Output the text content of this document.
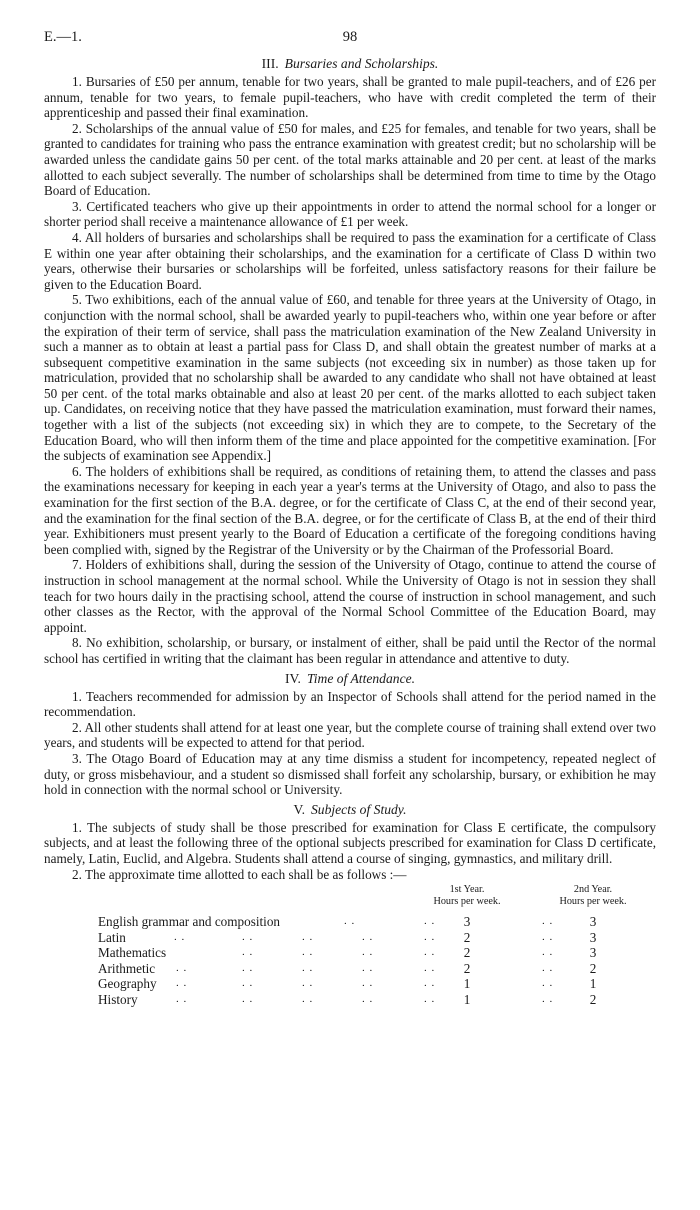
E.—1.	98
III. Bursaries and Scholarships.

1. Bursaries of £50 per annum, tenable for two years, shall be granted to male pupil-teachers, and of £26 per annum, tenable for two years, to female pupil-teachers, who have with credit completed the term of their apprenticeship and passed their final examination.

2. Scholarships of the annual value of £50 for males, and £25 for females, and tenable for two years, shall be granted to candidates for training who pass the entrance examination with greatest credit; but no scholarship will be awarded unless the candidate gains 50 per cent. of the total marks attainable and 20 per cent. at least of the marks allotted to each subject severally. The number of scholarships shall be determined from time to time by the Otago Board of Education.

3. Certificated teachers who give up their appointments in order to attend the normal school for a longer or shorter period shall receive a maintenance allowance of £1 per week.

4. All holders of bursaries and scholarships shall be required to pass the examination for a certificate of Class E within one year after obtaining their scholarships, and the examination for a certificate of Class D within two years, otherwise their bursaries or scholarships will be forfeited, unless satisfactory reasons for their failure be given to the Education Board.

5. Two exhibitions, each of the annual value of £60, and tenable for three years at the University of Otago, in conjunction with the normal school, shall be awarded yearly to pupil-teachers who, within one year before or after the expiration of their term of service, shall pass the matriculation examination of the New Zealand University in such a manner as to obtain at least a partial pass for Class D, and shall obtain the greatest number of marks at a subsequent competitive examination in the same subjects (not exceeding six in number) as those taken up for matriculation, provided that no scholarship shall be awarded to any candidate who shall not have obtained at least 50 per cent. of the total marks obtainable and also at least 20 per cent. of the marks allotted to each subject taken up. Candidates, on receiving notice that they have passed the matriculation examination, must forward their names, together with a list of the subjects (not exceeding six) in which they are to compete, to the Secretary of the Education Board, who will then inform them of the time and place appointed for the competitive examination. [For the subjects of examination see Appendix.]

6. The holders of exhibitions shall be required, as conditions of retaining them, to attend the classes and pass the examinations necessary for keeping in each year a year's terms at the University of Otago, and also to pass the examination for the first section of the B.A. degree, or for the certificate of Class C, at the end of their second year, and the examination for the final section of the B.A. degree, or for the certificate of Class B, at the end of their third year. Exhibitioners must present yearly to the Board of Education a certificate of the foregoing conditions having been complied with, signed by the Registrar of the University or by the Chairman of the Professorial Board.

7. Holders of exhibitions shall, during the session of the University of Otago, continue to attend the course of instruction in school management at the normal school. While the University of Otago is not in session they shall teach for two hours daily in the practising school, attend the course of instruction in school management, and such other classes as the Rector, with the approval of the Normal School Committee of the Education Board, may appoint.

8. No exhibition, scholarship, or bursary, or instalment of either, shall be paid until the Rector of the normal school has certified in writing that the claimant has been regular in attendance and attentive to duty.

IV. Time of Attendance.

1. Teachers recommended for admission by an Inspector of Schools shall attend for the period named in the recommendation.

2. All other students shall attend for at least one year, but the complete course of training shall extend over two years, and students will be expected to attend for that period.

3. The Otago Board of Education may at any time dismiss a student for incompetency, repeated neglect of duty, or gross misbehaviour, and a student so dismissed shall forfeit any scholarship, bursary, or exhibition he may hold in connection with the normal school or University.

V. Subjects of Study.

1. The subjects of study shall be those prescribed for examination for Class E certificate, the compulsory subjects, and at least the following three of the optional subjects prescribed for examination for Class D certificate, namely, Latin, Euclid, and Algebra. Students shall attend a course of singing, gymnastics, and military drill.

2. The approximate time allotted to each shall be as follows :—

1st Year.
Hours per week.
2nd Year.
Hours per week.
English grammar and composition	. .	. .	3	. .	3
Latin	. .	. .	. .	. .	. .	2	. .	3
Mathematics	. .	. .	. .	. .	2	. .	3
Arithmetic . .	. .	. .	. .	. .	2	. .	2
Geography . .	. .	. .	. .	. .	1	. .	1
History	. .	. .	. .	. .	. .	1	. .	2
